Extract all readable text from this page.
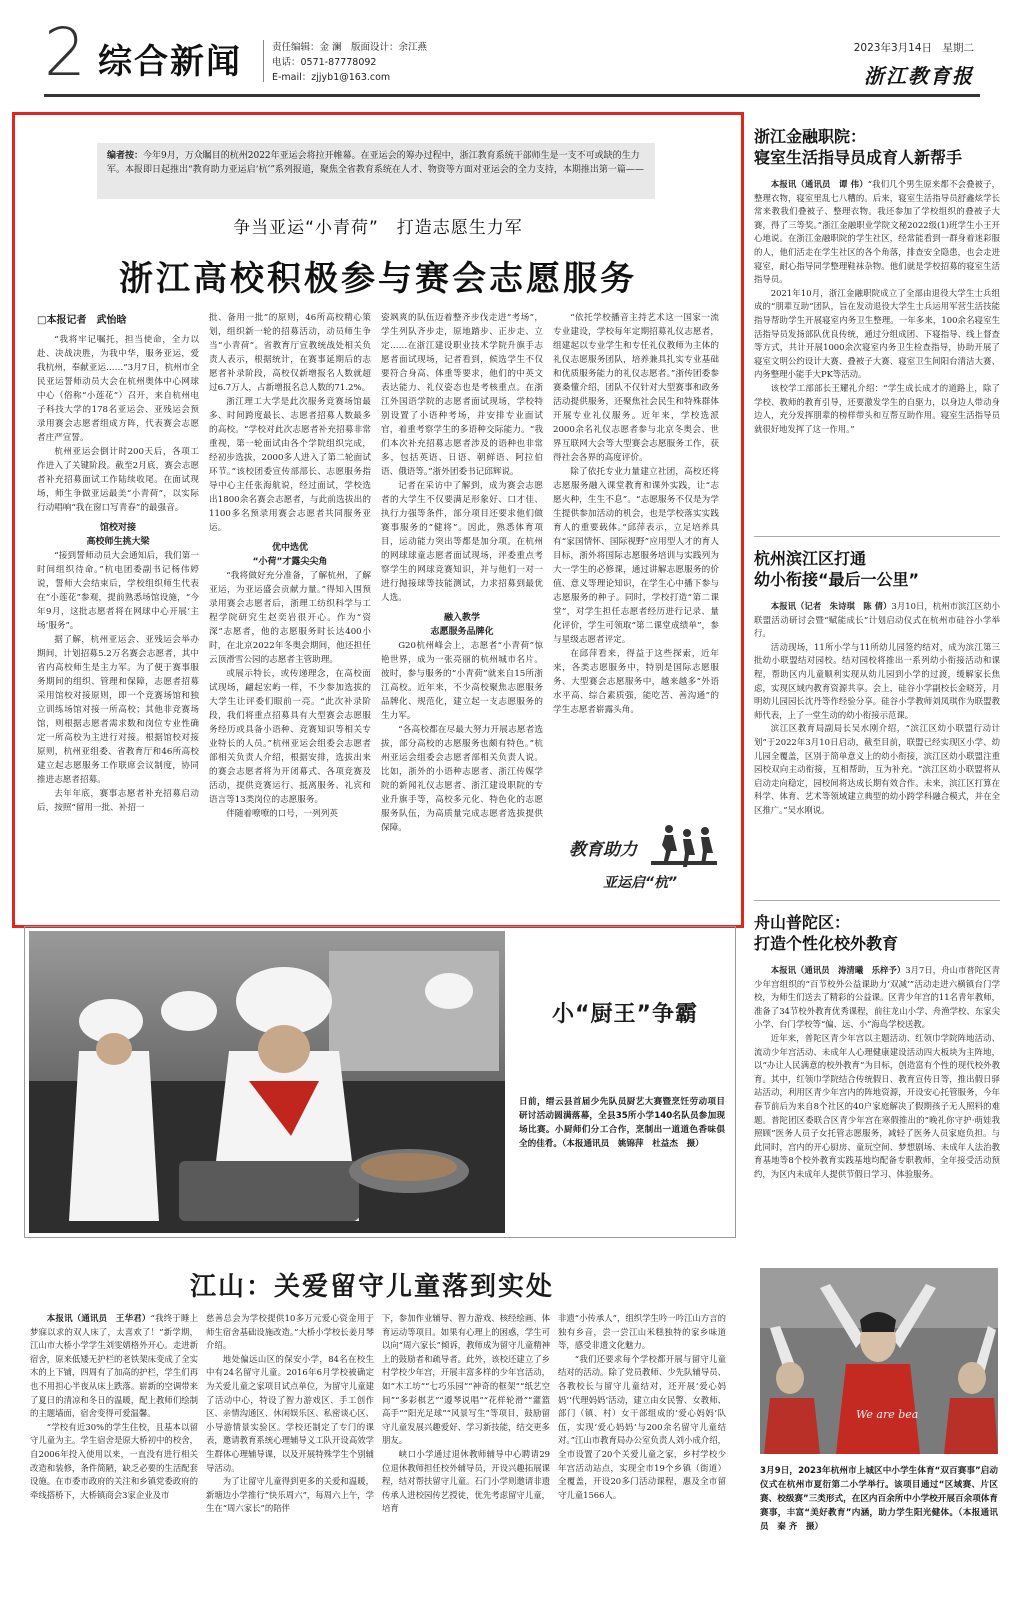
2 综合新闻	责任编辑：金 澜　 版面设计：余江燕
电话：0571-87778092
E-mail：zjjyb1@163.com
2023年3月14日　星期二
浙江教育报
编者按：今年9月，万众瞩目的杭州2022年亚运会将拉开帷幕。在亚运会的筹办过程中，浙江教育系统干部师生是一支不可或缺的生力军。本报即日起推出“教育助力亚运启‘杭’”系列报道，聚焦全省教育系统在人才、物资等方面对亚运会的全力支持，本期推出第一篇——
争当亚运“小青荷”　打造志愿生力军
浙江高校积极参与赛会志愿服务
□本报记者　武怡晗

“我将牢记嘱托，担当使命，全力以赴、决战决胜，为我中华，服务亚运，爱我杭州，奉献亚运……”3月7日，杭州市全民亚运誓师动员大会在杭州奥体中心网球中心（俗称“小莲花”）召开，来自杭州电子科技大学的178名亚运会、亚残运会预录用赛会志愿者组成方阵，代表赛会志愿者庄严宣誓。

杭州亚运会倒计时200天后，各项工作进入了关键阶段。截至2月底，赛会志愿者补充招募面试工作陆续收尾。在面试现场，师生争做亚运最美“小青荷”，以实际行动唱响“我在窗口写青春”的最强音。

馆校对接
高校师生挑大梁

“接到誓师动员大会通知后，我们第一时间组织待命。”杭电团委副书记杨伟婷说，誓师大会结束后，学校组织师生代表在“小莲花”参观，提前熟悉场馆设施，“今年9月，这批志愿者将在网球中心开展‘主场’服务”。

据了解，杭州亚运会、亚残运会举办期间，计划招募5.2万名赛会志愿者，其中省内高校师生是主力军。为了便于赛事服务期间的组织、管理和保障，志愿者招募采用馆校对接原则，即一个竞赛场馆和独立训练场馆对接一所高校；其他非竞赛场馆，则根据志愿者需求数和岗位专业性确定一所高校为主进行对接。根据馆校对接原则，杭州亚组委、省教育厅和46所高校建立起志愿服务工作联席会议制度，协同推进志愿者招募。

去年年底，赛事志愿者补充招募启动后，按照“留用一批、补招一

批、备用一批”的原则，46所高校精心策划，组织新一轮的招募活动，动员师生争当“小青荷”。省教育厅宣教统战处相关负责人表示，根据统计，在赛事延期后的志愿者补录阶段，高校仅新增报名人数就超过6.7万人，占新增报名总人数的71.2%。

浙江理工大学是此次服务竞赛场馆最多、时间跨度最长、志愿者招募人数最多的高校。“学校对此次志愿者补充招募非常重视，第一轮面试由各个学院组织完成，经初步选拔，2000多人进入了第二轮面试环节。”该校团委宣传部部长、志愿服务指导中心主任张海航说，经过面试，学校选出1800余名赛会志愿者，与此前选拔出的1100多名预录用赛会志愿者共同服务亚运。

优中选优
“小荷”才露尖尖角

“我将做好充分准备，了解杭州，了解亚运，为亚运盛会贡献力量。”得知入围预录用赛会志愿者后，浙理工纺织科学与工程学院研究生赵奕岩很开心。作为“资深”志愿者，他的志愿服务时长达400小时，在北京2022年冬奥会期间，他还担任云顶滑雪公园的志愿者主管助理。

或展示特长，或传递理念，在高校面试现场，翩起宏屿一样，不少参加选拔的大学生让评委们眼前一亮。“此次补录阶段，我们将重点招募具有大型赛会志愿服务经历或具备小语种、竞赛知识等相关专业特长的人员。”杭州亚运会组委会志愿者部相关负责人介绍，根据安排，选拔出来的赛会志愿者将为开闭幕式、各项竞赛及活动，提供竞赛运行、抵离服务、礼宾和语言等13类岗位的志愿服务。

伴随着嘹嘹的口号，一列列英

姿飒爽的队伍迈着整齐步伐走进“考场”，学生列队齐步走，原地踏步、正步走、立定……在浙江建设职业技术学院升旗手志愿者面试现场，记者看到，候选学生不仅要符合身高、体重等要求，他们的中英文表达能力、礼仪姿态也是考核重点。在浙江外国语学院的志愿者面试现场，学校特别设置了小语种考场，并安排专业面试官，着重考察学生的多语种交际能力。“我们本次补充招募志愿者涉及的语种也非常多，包括英语、日语、朝鲜语、阿拉伯语、俄语等。”浙外团委书记邱辉说。

记者在采访中了解到，成为赛会志愿者的大学生不仅要满足形象好、口才佳、执行力强等条件，部分项目还要求他们做赛事服务的“健将”。因此，熟悉体育项目，运动能力突出等都是加分项。在杭州的网球球童志愿者面试现场，评委重点考察学生的网球竞赛知识，并与他们一对一进行抛接球等技能测试，力求招募到最优人选。

融入教学
志愿服务品牌化

G20杭州峰会上，志愿者“小青荷”惊艳世界，成为一张亮丽的杭州城市名片。彼时，参与服务的“小青荷”就来自15所浙江高校。近年来，不少高校聚焦志愿服务品牌化、规范化，建立起一支志愿服务的生力军。

“各高校都在尽最大努力开展志愿者选拔，部分高校的志愿服务也颇有特色。”杭州亚运会组委会志愿者部相关负责人说。比如，浙外的小语种志愿者、浙江传媒学院的新闻礼仪志愿者、浙江建设职院的专业升旗手等，高校多元化、特色化的志愿服务队伍，为高质量完成志愿者选拔提供保障。

“依托学校播音主持艺术这一国家一流专业建设，学校每年定期招募礼仪志愿者，组建起以专业学生和专任礼仪教师为主体的礼仪志愿服务团队，培养兼具扎实专业基础和优质服务能力的礼仪志愿者。”浙传团委参赛桑懂介绍，团队不仅针对大型赛事和政务活动提供服务，还聚焦社会民生和特殊群体开展专业礼仪服务。近年来，学校选派2000余名礼仪志愿者参与北京冬奥会、世界互联网大会等大型赛会志愿服务工作，获得社会各界的高度评价。

除了依托专业力量建立社团，高校还将志愿服务融入课堂教育和课外实践，让“志愿火种，生生不息”。“志愿服务不仅是为学生提供参加活动的机会，也是学校落实实践育人的重要载体。”邱萍表示，立足培养具有“家国情怀、国际视野”应用型人才的育人目标，浙外将国际志愿服务培训与实践列为大一学生的必修课，通过讲解志愿服务的价值、意义等理论知识，在学生心中播下参与志愿服务的种子。同时，学校打造“第二课堂”，对学生担任志愿者经历进行记录、量化评价，学生可领取“第二课堂成绩单”，参与星级志愿者评定。

在邱萍看来，得益于这些探索，近年来，各类志愿服务中，特别是国际志愿服务、大型赛会志愿服务中，越来越多“外语水平高、综合素质强，能吃苦、善沟通”的学生志愿者崭露头角。

教育助力
亚运启“杭”
浙江金融职院：
寝室生活指导员成育人新帮手

本报讯（通讯员　谭 伟）“我们几个男生原来都不会叠被子，整理衣物，寝室里乱七八糟的。后来，寝室生活指导员舒鑫炫学长常来教我们叠被子、整理衣物。我还参加了学校组织的叠被子大赛，得了三等奖。”浙江金融职业学院文秘2022级(1)班学生小王开心地说。在浙江金融职院的学生社区，经常能看到一群身着迷彩服的人，他们活走在学生社区的各个角落，排查安全隐患，也会走进寝室，耐心指导同学整理鞋袜杂物。他们就是学校招募的寝室生活指导员。

2021年10月，浙江金融职院成立了全部由退役大学生士兵组成的“朋辈互助”团队，旨在发动退役大学生士兵运用军营生活技能指导帮助学生开展寝室内务卫生整理。一年多来，100余名寝室生活指导员发扬部队优良传统，通过分组成团、下寝指导、线上督查等方式，共计开展1000余次寝室内务卫生检查指导，协助开展了寝室文明公约设计大赛、叠被子大赛、寝室卫生间阳台清洁大赛、内务整理小能手大PK等活动。

该校学工部部长王耀礼介绍：“学生成长成才的道路上，除了学校、教师的教育引导，还要激发学生的自驱力，以身边人带动身边人，充分发挥朋辈的榜样带头和互帮互助作用。寝室生活指导员就很好地发挥了这一作用。”

杭州滨江区打通
幼小衔接“最后一公里”

本报讯（记者　朱诗琪　陈 倩）3月10日，杭州市滨江区幼小联盟活动研讨会暨“赋能成长”计划启动仪式在杭州市硅谷小学举行。

活动现场，11所小学与11所幼儿园签约结对，成为滨江第三批幼小联盟结对园校。结对园校将推出一系列幼小衔接活动和课程，帮助区内儿童顺利实现从幼儿园到小学的过渡，缓解家长焦虑，实现区域内教育资源共享。会上，硅谷小学副校长金晓芳，月明幼儿园园长沈丹等作经验分享。硅谷小学教师刘凤琪作为联盟教师代表，上了一堂生动的幼小衔接示范课。

滨江区教育局副局长吴水刚介绍，“滨江区幼小联盟行动计划”于2022年3月10日启动，截至目前，联盟已经实现区小学、幼儿园全覆盖，区別于简单意义上的幼小衔接，滨江区幼小联盟注重园校双向主动衔接，互相帮助，互为补充。“滨江区幼小联盟将从启动走向稳定，园校间将达成长期有效合作。未来，滨江区打算在科学、体育、艺术等领域建立典型的幼小跨学科融合模式，并在全区推广。”吴水刚说。

舟山普陀区：
打造个性化校外教育

本报讯（通讯员　涛清曦　乐梓予）3月7日，舟山市普陀区青少年宫组织的“百节校外公益课助力‘双减’”活动走进六横镇台门学校，为师生们送去了精彩的公益课。区青少年宫的11名青年教师，准备了34节校外教育优秀课程，前往龙山小学、舟渔学校、东家尖小学、台门学校等“偏、远、小”海岛学校送教。

近年来，普陀区青少年宫以主题活动、红领巾学院阵地活动、流动少年宫活动、未成年人心理健康建设活动四大板块为主阵地，以“办让人民满意的校外教育”为目标，创造富有个性的现代校外教育。其中，红领巾学院结合传统假日、教育宣传日等，推出假日驿站活动，利用区青少年宫内的阵地资源，开设安心托管服务，今年春节前后为来自8个社区的40户家庭解决了假期孩子无人照料的难题。普陀团区委联合区青少年宫在寒假推出的“晚礼你守护·萌娃我照顾”医务人员子女托管志愿服务，减轻了医务人员家庭负担。与此同时，宫内的开心厨房、童玩空间、梦想剧场、未成年人法治教育基地等8个校外教育实践基地均配备专职教师，全年接受活动预约，为区内未成年人提供节假日学习、体验服务。

小“厨王”争霸
日前，缙云县首届少先队员厨艺大赛暨烹饪劳动项目研讨活动圆满落幕，全县35所小学140名队员参加现场比赛。小厨师们分工合作，烹制出一道道色香味俱全的佳肴。（本报通讯员　姚锦萍　杜益杰　摄）
江山：关爱留守儿童落到实处

本报讯（通讯员　王华君）“我终于睡上梦寐以求的双人床了，太喜欢了！”新学期，江山市大桥小学学生刘雯婧格外开心。走进新宿舍，原来低矮无护栏的老铁架床变成了全实木的上下铺，四周有了加高的护栏，学生们再也不用担心半夜从床上跌落。崭新的空调带来了夏日的清凉和冬日的温暖，配上教师们绘制的主题墙面，宿舍变得可爱温馨。

“学校有近30%的学生住校，且基本以留守儿童为主。学生宿舍是原大桥初中的校舍，自2006年投入使用以来，一直没有进行相关改造和装修，条件简陋，缺乏必要的生活配套设施。在市委市政府的关注和乡镇党委政府的牵线搭桥下，大桥镇商会3家企业及市

慈善总会为学校提供10多万元爱心资金用于师生宿舍基础设施改造。”大桥小学校长姜月琴介绍。

地处偏远山区的保安小学，84名在校生中有24名留守儿童。2016年6月学校被确定为关爱儿童之家项目试点单位，为留守儿童建了活动中心，特设了智力游戏区、手工创作区、亲情沟通区、休闲娱乐区、私密谈心区、小导游情景实验区。学校还制定了专门的课表，邀请教育系统心理辅导义工队开设高效学生群体心理辅导课，以及开展特殊学生个别辅导活动。

为了让留守儿童得到更多的关爱和温暖，新塘边小学推行“快乐周六”，每周六上午，学生在“周六家长”的陪伴

下，参加作业辅导、智力游戏、核经绘画、体育运动等项目。如果有心理上的困惑，学生可以向“周六家长”倾诉，教师成为留守儿童精神上的鼓励者和疏导者。此外，该校还建立了乡村学校少年宫，开展丰富多样的少年宫活动，如“木工坊”“七巧乐园”“神奇的框架”“纸艺空间”“多彩棋艺”“遵琴说唱”“花样轮滑”“灌篮高手”“阳光足球”“风景写生”等项目，鼓励留守儿童发展兴趣爱好、学习新技能，结交更多朋友。

峡口小学通过退休教师辅导中心聘请29位退休教师担任校外辅导员，开设兴趣拓展课程，结对帮扶留守儿童。石门小学则邀请非遗传承人进校园传艺授徒，优先考虑留守儿童，培育

非遗“小传承人”，组织学生吟一吟江山方言的独有乡音，尝一尝江山米糕独特的家乡味道等，感受非遗文化魅力。

“我们还要求每个学校都开展与留守儿童结对的活动。除了党员教师、少先队辅导员、各教校长与留守儿童结对，还开展‘爱心妈妈’‘代理妈妈’活动，建立由女民警、女教师、部门（镇、村）女干部组成的‘爱心妈妈’队伍，实现‘爱心妈妈’与200余名留守儿童结对。”江山市教育局办公室负责人刘小成介绍，全市设置了20个关爱儿童之家，乡村学校少年宫活动站点，实现全市19个乡镇（街道）全覆盖，开设20多门活动课程，惠及全市留守儿童1566人。

We are bea
3月9日，2023年杭州市上城区中小学生体育“双百赛事”启动仪式在杭州市夏衍第二小学举行。该项目通过“区域赛、片区赛、校级赛”三类形式，在区内百余所中小学校开展百余项体育赛事，丰富“美好教育”内涵，助力学生阳光健体。（本报通讯员　秦 齐　摄）
